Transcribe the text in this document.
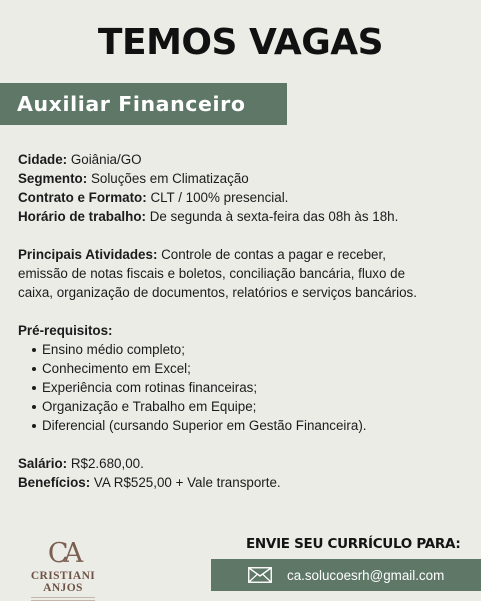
TEMOS VAGAS
Auxiliar Financeiro

Cidade: Goiânia/GO

Segmento: Soluções em Climatização

Contrato e Formato: CLT / 100% presencial.

Horário de trabalho: De segunda à sexta-feira das 08h às 18h.

Principais Atividades: Controle de contas a pagar e receber,

emissão de notas fiscais e boletos, conciliação bancária, fluxo de

caixa, organização de documentos, relatórios e serviços bancários.

Pré-requisitos:

Ensino médio completo;
Conhecimento em Excel;
Experiência com rotinas financeiras;
Organização e Trabalho em Equipe;
Diferencial (cursando Superior em Gestão Financeira).

Salário: R$2.680,00.

Benefícios: VA R$525,00 + Vale transporte.

CA
CRISTIANI ANJOS
ENVIE SEU CURRÍCULO PARA:
ca.solucoesrh@gmail.com
